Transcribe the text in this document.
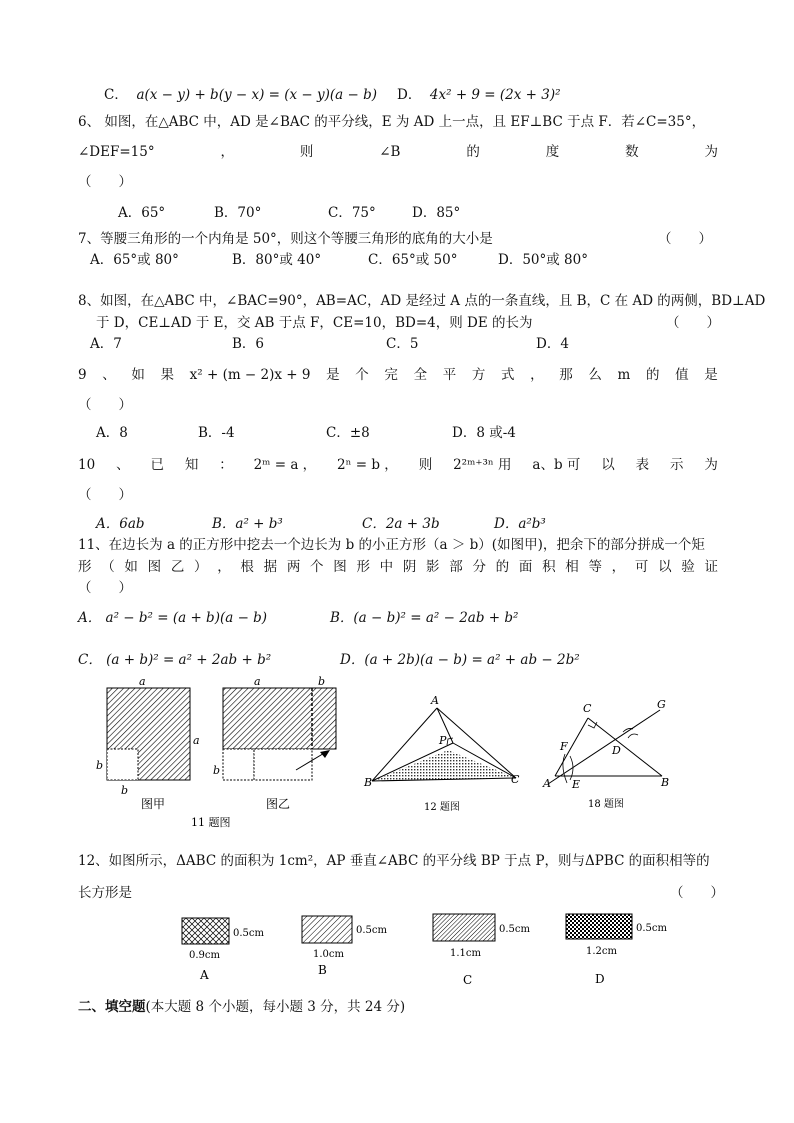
C． a(x − y) + b(y − x) = (x − y)(a − b) D． 4x² + 9 = (2x + 3)²
6、 如图，在△ABC 中，AD 是∠BAC 的平分线，E 为 AD 上一点，且 EF⊥BC 于点 F．若∠C=35°，
∠DEF=15°	，	则	∠B	的	度	数	为
（　　）
A．65°	B．70°	C．75°	D．85°
7、等腰三角形的一个内角是 50°，则这个等腰三角形的底角的大小是	（　　）
A．65°或 80°	B．80°或 40°	C．65°或 50°	D．50°或 80°
8、如图，在△ABC 中，∠BAC=90°，AB=AC，AD 是经过 A 点的一条直线，且 B，C 在 AD 的两侧，BD⊥AD
于 D，CE⊥AD 于 E，交 AB 于点 F，CE=10，BD=4，则 DE 的长为	（　　）
A．7	B．6	C．5	D．4
9 、 如 果 x² + (m − 2)x + 9 是 个 完 全 平 方 式 ， 那 么 m 的 值 是
（　　）
A．8	B．-4	C．±8	D．8 或-4
10 、 已 知 ： 2ᵐ = a ， 2ⁿ = b ， 则 2²ᵐ⁺³ⁿ 用 a、b 可 以 表 示 为
（　　）
A．6ab	B．a² + b³	C．2a + 3b	D．a²b³
11、在边长为 a 的正方形中挖去一个边长为 b 的小正方形（a ＞ b）(如图甲)，把余下的部分拼成一个矩
形 （ 如 图 乙 ） ， 根 据 两 个 图 形 中 阴 影 部 分 的 面 积 相 等 ， 可 以 验 证
（　　）
A． a² − b² = (a + b)(a − b)	B．(a − b)² = a² − 2ab + b²
C． (a + b)² = a² + 2ab + b²	D．(a + 2b)(a − b) = a² + ab − 2b²
a
a
b
b
图甲
a	b
b
图乙
11 题图
A
P
B	C
12 题图
C	G
F	D
A E	B
18 题图
12、如图所示，ΔABC 的面积为 1cm²，AP 垂直∠ABC 的平分线 BP 于点 P，则与ΔPBC 的面积相等的
长方形是	（　　）
0.5cm
0.9cm
A
0.5cm
1.0cm
B
0.5cm
1.1cm
C
0.5cm
1.2cm
D
二、填空题(本大题 8 个小题，每小题 3 分，共 24 分)
